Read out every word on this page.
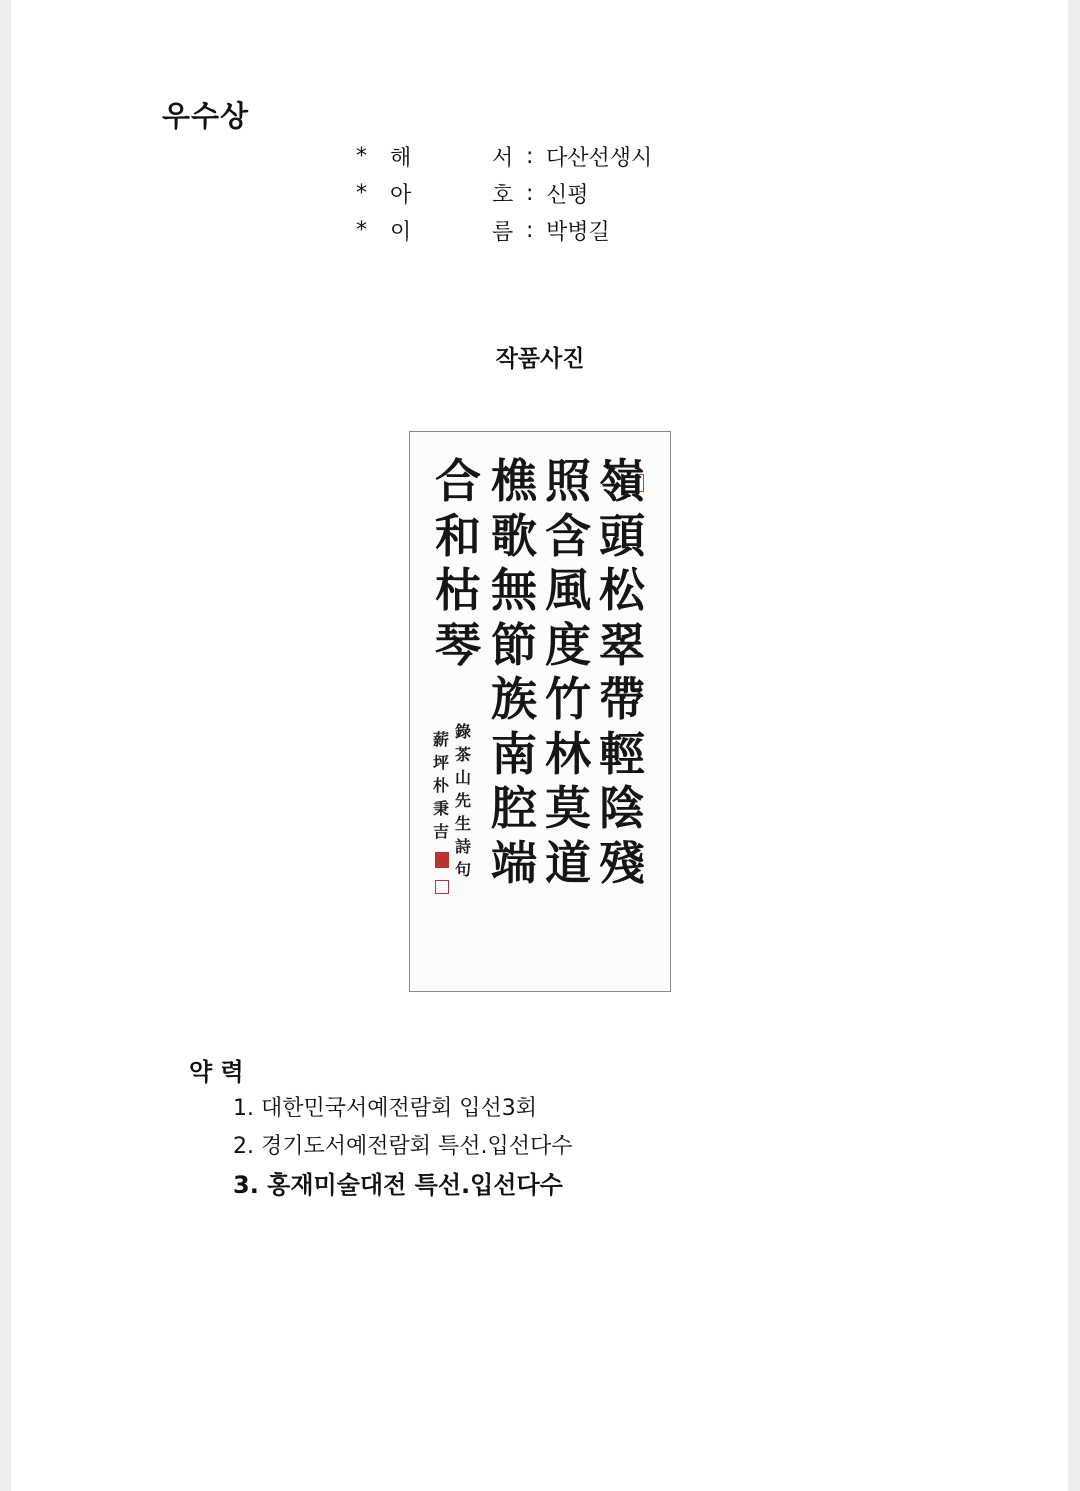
우수상
*	해	서 : 다산선생시
*	아	호 : 신평
*	이	름 : 박병길
작품사진
嶺
頭
松
翠
帶
輕
陰
殘
照
含
風
度
竹
林
莫
道
樵
歌
無
節
族
南
腔
端
合
和
枯
琴
錄
茶
山
先
生
詩
句
薪
坪
朴
秉
吉
약 력
1. 대한민국서예전람회 입선3회
2. 경기도서예전람회 특선.입선다수
3. 홍재미술대전 특선.입선다수
